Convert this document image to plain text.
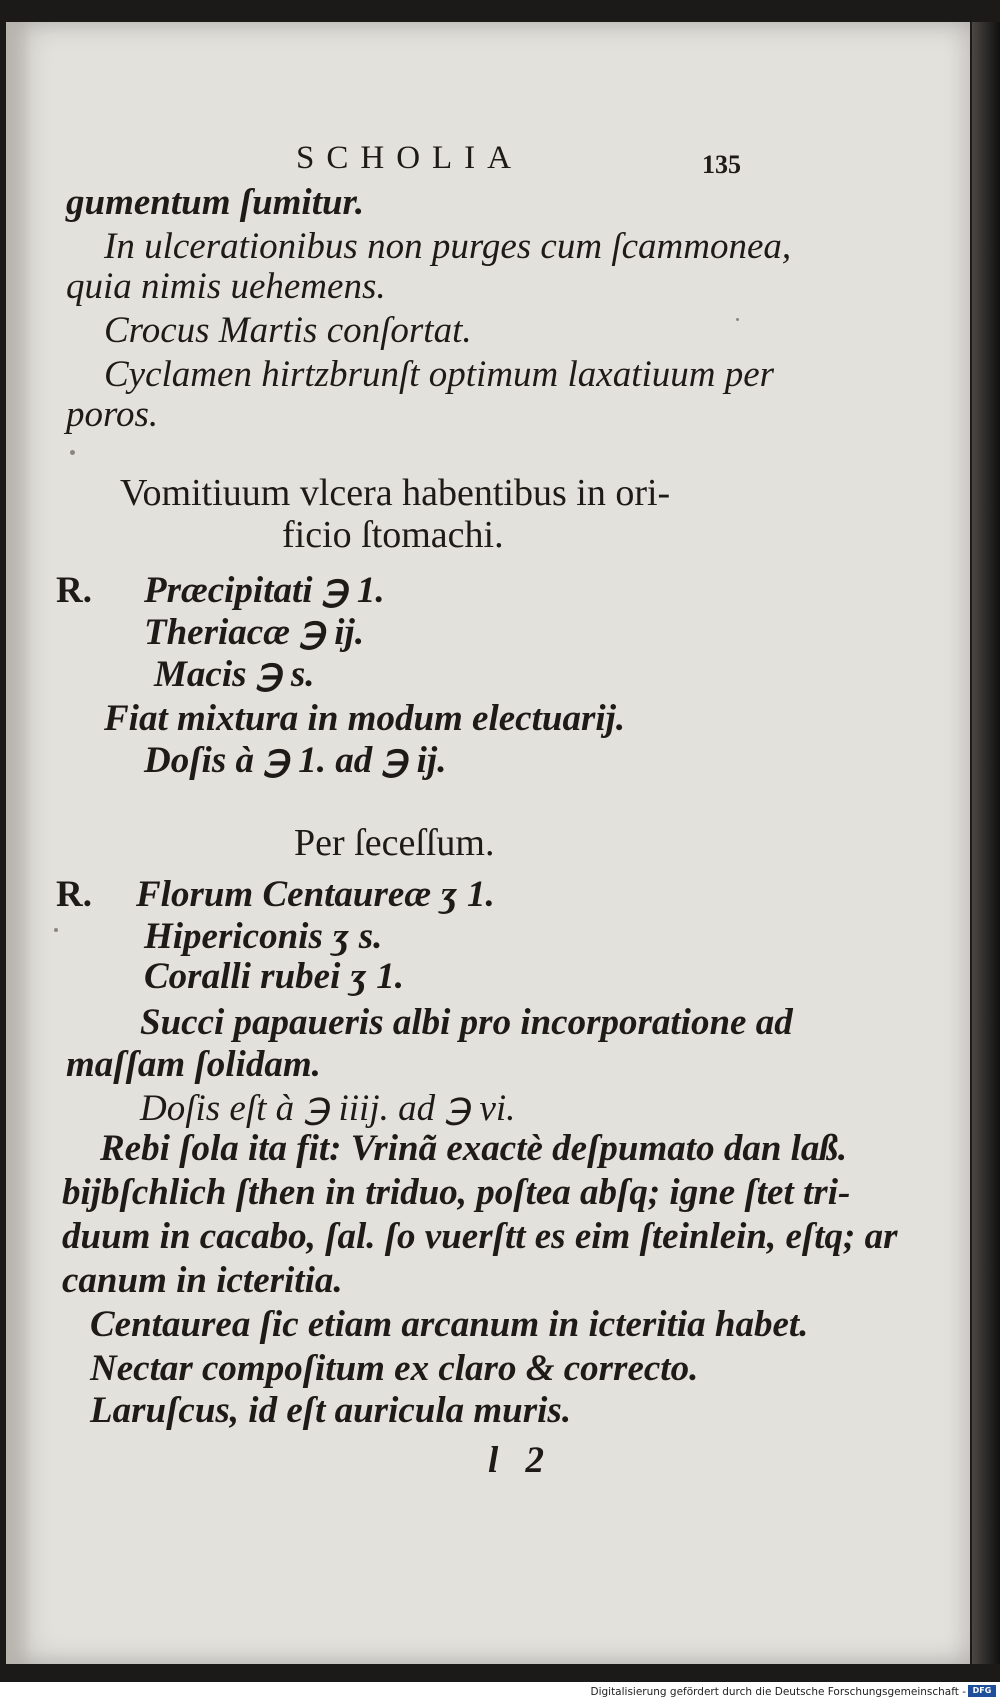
SCHOLIA	135
gumentum ſumitur.
In ulcerationibus non purges cum ſcammonea,
quia nimis uehemens.
Crocus Martis conſortat.
Cyclamen hirtzbrunſt optimum laxatiuum per
poros.
Vomitiuum vlcera habentibus in ori-
ficio ſtomachi.
R. Præcipitati ℈ 1.
Theriacæ ℈ ij.
Macis ℈ s.
Fiat mixtura in modum electuarij.
Doſis à ℈ 1. ad ℈ ij.
Per ſeceſſum.
R. Florum Centaureæ ʒ 1.
Hipericonis ʒ s.
Coralli rubei ʒ 1.
Succi papaueris albi pro incorporatione ad
maſſam ſolidam.
Doſis eſt à ℈ iiij. ad ℈ vi.
Rebi ſola ita fit: Vrinã exactè deſpumato dan laß.
bijbſchlich ſthen in triduo, poſtea abſq; igne ſtet tri-
duum in cacabo, ſal. ſo vuerſtt es eim ſteinlein, eſtq; ar
canum in icteritia.
Centaurea ſic etiam arcanum in icteritia habet.
Nectar compoſitum ex claro & correcto.
Laruſcus, id eſt auricula muris.
l 2
Digitalisierung gefördert durch die Deutsche Forschungsgemeinschaft - DFG
